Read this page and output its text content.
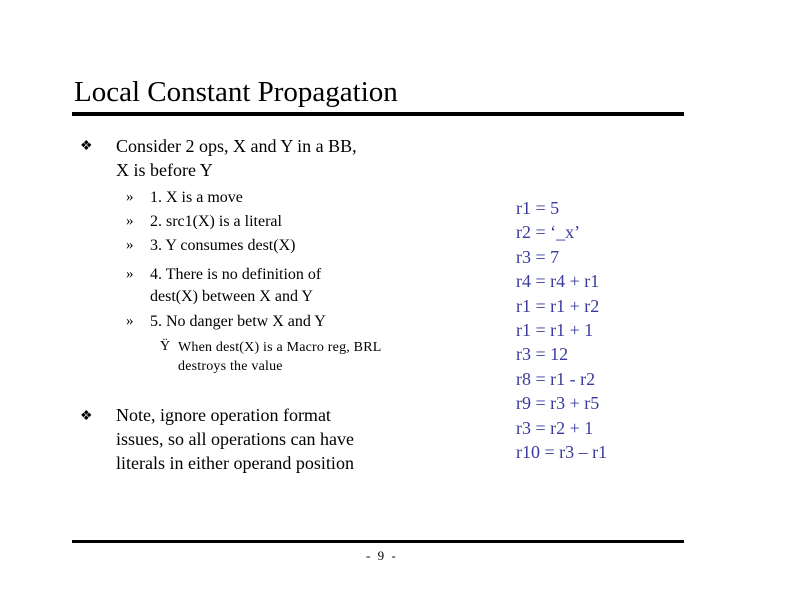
Local Constant Propagation
❖ Consider 2 ops, X and Y in a BB, X is before Y
» 1. X is a move
» 2. src1(X) is a literal
» 3. Y consumes dest(X)
» 4. There is no definition of dest(X) between X and Y
» 5. No danger betw X and Y
Ÿ When dest(X) is a Macro reg, BRL destroys the value
❖ Note, ignore operation format issues, so all operations can have literals in either operand position
r1 = 5
r2 = ‘_x’
r3 = 7
r4 = r4 + r1
r1 = r1 + r2
r1 = r1 + 1
r3 = 12
r8 = r1 - r2
r9 = r3 + r5
r3 = r2 + 1
r10 = r3 – r1
- 9 -
